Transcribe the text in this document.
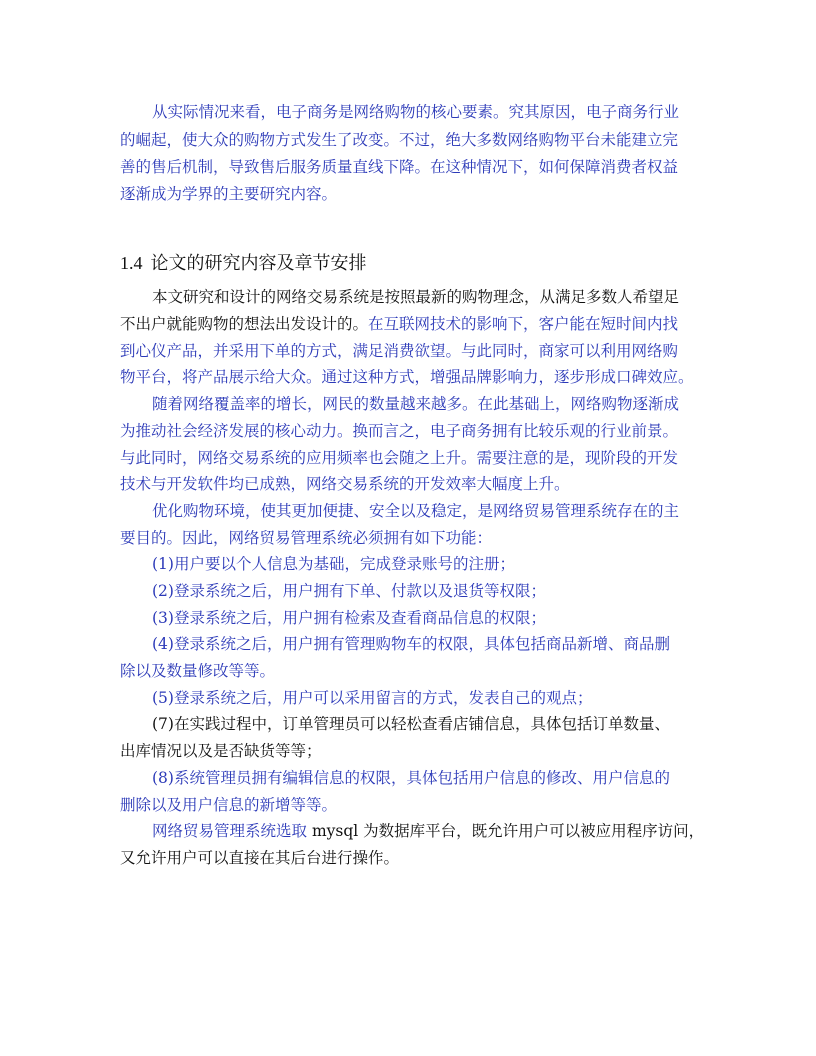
从实际情况来看，电子商务是网络购物的核心要素。究其原因，电子商务行业
的崛起，使大众的购物方式发生了改变。不过，绝大多数网络购物平台未能建立完
善的售后机制，导致售后服务质量直线下降。在这种情况下，如何保障消费者权益
逐渐成为学界的主要研究内容。
1.4 论文的研究内容及章节安排
本文研究和设计的网络交易系统是按照最新的购物理念，从满足多数人希望足
不出户就能购物的想法出发设计的。在互联网技术的影响下，客户能在短时间内找
到心仪产品，并采用下单的方式，满足消费欲望。与此同时，商家可以利用网络购
物平台，将产品展示给大众。通过这种方式，增强品牌影响力，逐步形成口碑效应。
随着网络覆盖率的增长，网民的数量越来越多。在此基础上，网络购物逐渐成
为推动社会经济发展的核心动力。换而言之，电子商务拥有比较乐观的行业前景。
与此同时，网络交易系统的应用频率也会随之上升。需要注意的是，现阶段的开发
技术与开发软件均已成熟，网络交易系统的开发效率大幅度上升。
优化购物环境，使其更加便捷、安全以及稳定，是网络贸易管理系统存在的主
要目的。因此，网络贸易管理系统必须拥有如下功能：
(1)用户要以个人信息为基础，完成登录账号的注册；
(2)登录系统之后，用户拥有下单、付款以及退货等权限；
(3)登录系统之后，用户拥有检索及查看商品信息的权限；
(4)登录系统之后，用户拥有管理购物车的权限，具体包括商品新增、商品删
除以及数量修改等等。
(5)登录系统之后，用户可以采用留言的方式，发表自己的观点；
(7)在实践过程中，订单管理员可以轻松查看店铺信息，具体包括订单数量、
出库情况以及是否缺货等等；
(8)系统管理员拥有编辑信息的权限，具体包括用户信息的修改、用户信息的
删除以及用户信息的新增等等。
网络贸易管理系统选取 mysql 为数据库平台，既允许用户可以被应用程序访问，
又允许用户可以直接在其后台进行操作。
